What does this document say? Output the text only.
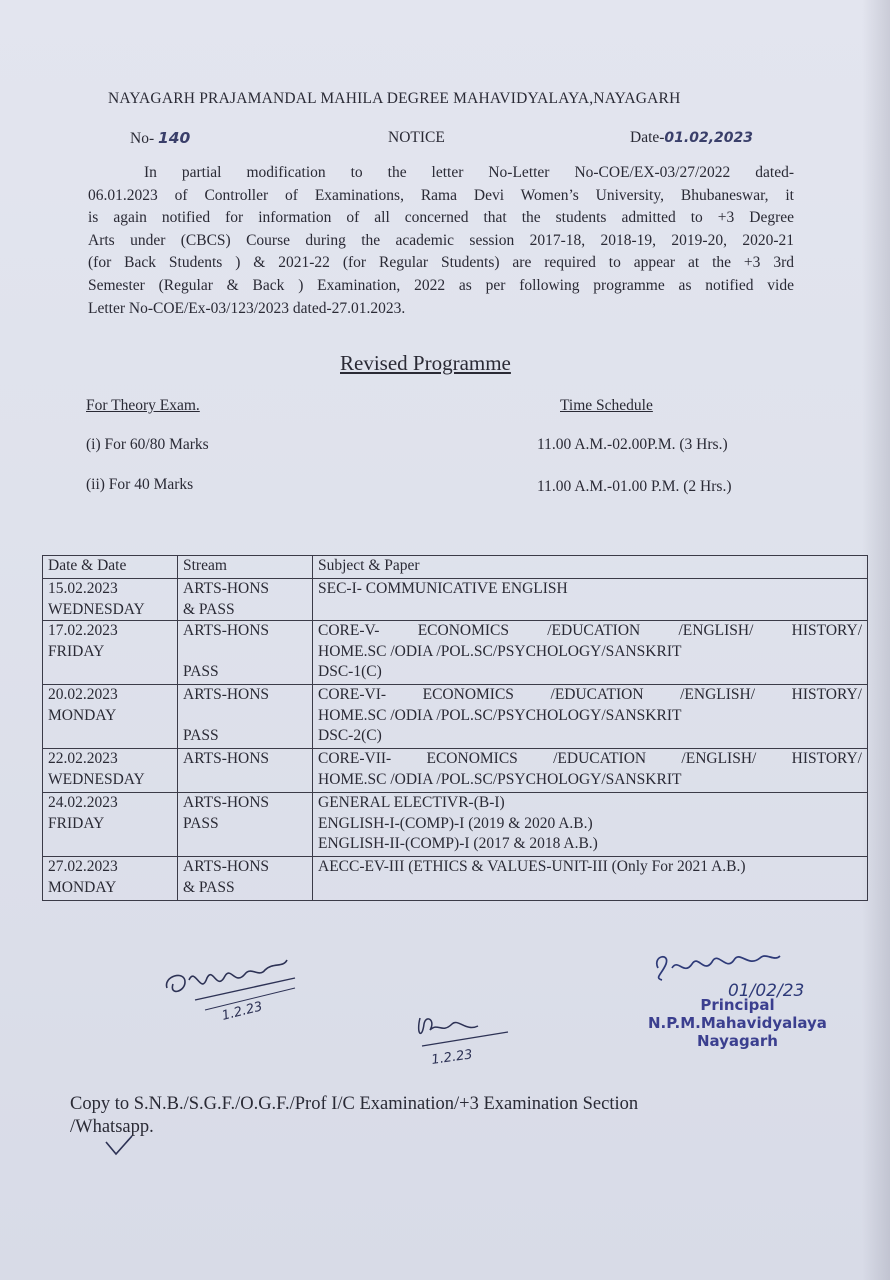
NAYAGARH PRAJAMANDAL MAHILA DEGREE MAHAVIDYALAYA,NAYAGARH
No- 140	NOTICE	Date-01.02,2023
In partial modification to the letter No-Letter No-COE/EX-03/27/2022 dated-
06.01.2023 of Controller of Examinations, Rama Devi Women’s University, Bhubaneswar, it
is again notified for information of all concerned that the students admitted to +3 Degree
Arts under (CBCS) Course during the academic session 2017-18, 2018-19, 2019-20, 2020-21
(for Back Students ) & 2021-22 (for Regular Students) are required to appear at the +3 3rd
Semester (Regular & Back ) Examination, 2022 as per following programme as notified vide
Letter No-COE/Ex-03/123/2023 dated-27.01.2023.
Revised Programme
For Theory Exam.	Time Schedule
(i) For 60/80 Marks	11.00 A.M.-02.00P.M. (3 Hrs.)
(ii) For 40 Marks	11.00 A.M.-01.00 P.M. (2 Hrs.)
Date & Date	Stream	Subject & Paper

15.02.2023
WEDNESDAY	ARTS-HONS
& PASS	SEC-I- COMMUNICATIVE ENGLISH

17.02.2023
FRIDAY	ARTS-HONS
PASS	CORE-V- ECONOMICS /EDUCATION /ENGLISH/ HISTORY/
HOME.SC /ODIA /POL.SC/PSYCHOLOGY/SANSKRIT
DSC-1(C)

20.02.2023
MONDAY	ARTS-HONS
PASS	CORE-VI- ECONOMICS /EDUCATION /ENGLISH/ HISTORY/
HOME.SC /ODIA /POL.SC/PSYCHOLOGY/SANSKRIT
DSC-2(C)

22.02.2023
WEDNESDAY	ARTS-HONS	CORE-VII- ECONOMICS /EDUCATION /ENGLISH/ HISTORY/
HOME.SC /ODIA /POL.SC/PSYCHOLOGY/SANSKRIT

24.02.2023
FRIDAY	ARTS-HONS
PASS	GENERAL ELECTIVR-(B-I)
ENGLISH-I-(COMP)-I (2019 & 2020 A.B.)
ENGLISH-II-(COMP)-I (2017 & 2018 A.B.)

27.02.2023
MONDAY	ARTS-HONS
& PASS	AECC-EV-III (ETHICS & VALUES-UNIT-III (Only For 2021 A.B.)
1.2.23
1.2.23
01/02/23
Principal
N.P.M.Mahavidyalaya
Nayagarh
Copy to S.N.B./S.G.F./O.G.F./Prof I/C Examination/+3 Examination Section
/Whatsapp.
